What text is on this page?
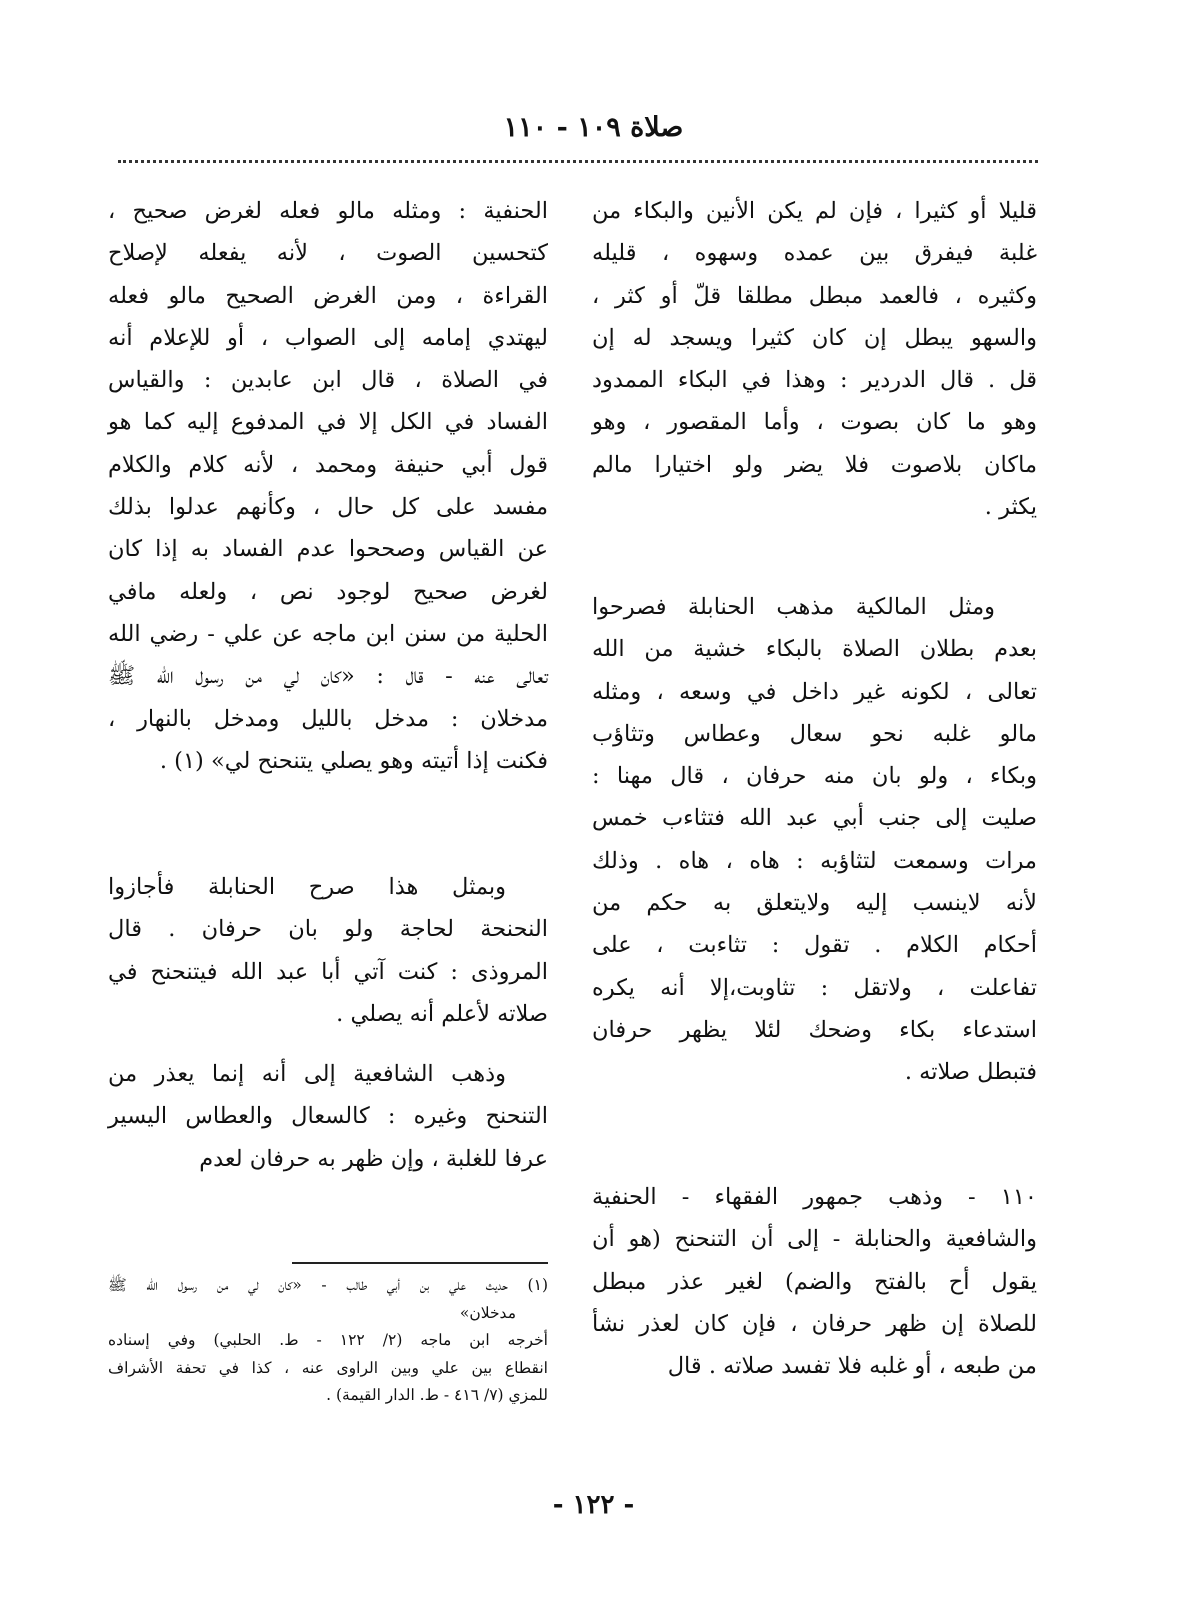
صلاة ١٠٩ - ١١٠
قليلا أو كثيرا ، فإن لم يكن الأنين والبكاء من
غلبة فيفرق بين عمده وسهوه ، قليله
وكثيره ، فالعمد مبطل مطلقا قلّ أو كثر ،
والسهو يبطل إن كان كثيرا ويسجد له إن
قل . قال الدردير : وهذا في البكاء الممدود
وهو ما كان بصوت ، وأما المقصور ، وهو
ماكان بلاصوت فلا يضر ولو اختيارا مالم
يكثر .
ومثل المالكية مذهب الحنابلة فصرحوا
بعدم بطلان الصلاة بالبكاء خشية من الله
تعالى ، لكونه غير داخل في وسعه ، ومثله
مالو غلبه نحو سعال وعطاس وتثاؤب
وبكاء ، ولو بان منه حرفان ، قال مهنا :
صليت إلى جنب أبي عبد الله فتثاءب خمس
مرات وسمعت لتثاؤبه : هاه ، هاه . وذلك
لأنه لاينسب إليه ولايتعلق به حكم من
أحكام الكلام . تقول : تثاءبت ، على
تفاعلت ، ولاتقل : تثاوبت،إلا أنه يكره
استدعاء بكاء وضحك لئلا يظهر حرفان
فتبطل صلاته .
١١٠ - وذهب جمهور الفقهاء - الحنفية
والشافعية والحنابلة - إلى أن التنحنح (هو أن
يقول أح بالفتح والضم) لغير عذر مبطل
للصلاة إن ظهر حرفان ، فإن كان لعذر نشأ
من طبعه ، أو غلبه فلا تفسد صلاته . قال
الحنفية : ومثله مالو فعله لغرض صحيح ،
كتحسين الصوت ، لأنه يفعله لإصلاح
القراءة ، ومن الغرض الصحيح مالو فعله
ليهتدي إمامه إلى الصواب ، أو للإعلام أنه
في الصلاة ، قال ابن عابدين : والقياس
الفساد في الكل إلا في المدفوع إليه كما هو
قول أبي حنيفة ومحمد ، لأنه كلام والكلام
مفسد على كل حال ، وكأنهم عدلوا بذلك
عن القياس وصححوا عدم الفساد به إذا كان
لغرض صحيح لوجود نص ، ولعله مافي
الحلية من سنن ابن ماجه عن علي - رضي الله
تعالى عنه - قال : «كان لي من رسول الله ﷺ
مدخلان : مدخل بالليل ومدخل بالنهار ،
فكنت إذا أتيته وهو يصلي يتنحنح لي» (١) .
وبمثل هذا صرح الحنابلة فأجازوا
النحنحة لحاجة ولو بان حرفان . قال
المروذى : كنت آتي أبا عبد الله فيتنحنح في
صلاته لأعلم أنه يصلي .
وذهب الشافعية إلى أنه إنما يعذر من
التنحنح وغيره : كالسعال والعطاس اليسير
عرفا للغلبة ، وإن ظهر به حرفان لعدم
(١) حديث علي بن أبي طالب - «كان لي من رسول الله ﷺ
مدخلان»
أخرجه ابن ماجه (٢/ ١٢٢ - ط. الحلبي) وفي إسناده
انقطاع بين علي وبين الراوى عنه ، كذا في تحفة الأشراف
للمزي (٧/ ٤١٦ - ط. الدار القيمة) .
- ١٢٢ -
